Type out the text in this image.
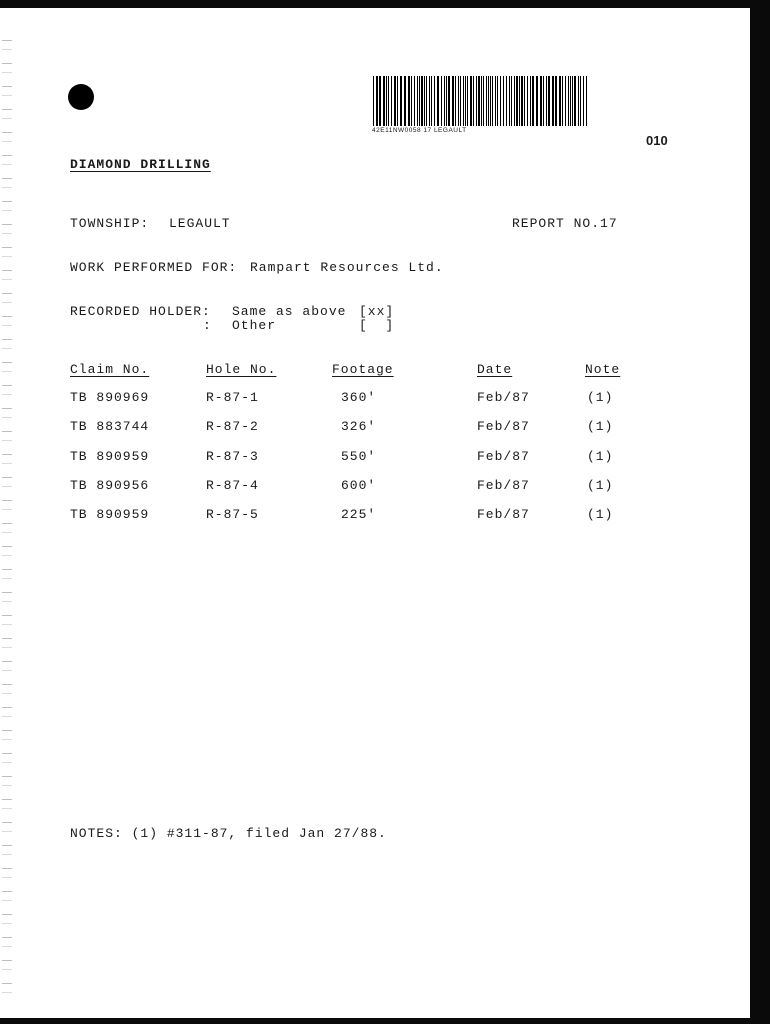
42E11NW0058 17 LEGAULT
010
DIAMOND DRILLING
TOWNSHIP: LEGAULT	REPORT NO.17
WORK PERFORMED FOR: Rampart Resources Ltd.
RECORDED HOLDER: Same as above [xx]
: Other	[  ]
Claim No.	Hole No.	Footage	Date	Note
TB 890969	R-87-1	360'	Feb/87	(1)
TB 883744	R-87-2	326'	Feb/87	(1)
TB 890959	R-87-3	550'	Feb/87	(1)
TB 890956	R-87-4	600'	Feb/87	(1)
TB 890959	R-87-5	225'	Feb/87	(1)
NOTES: (1) #311-87, filed Jan 27/88.
